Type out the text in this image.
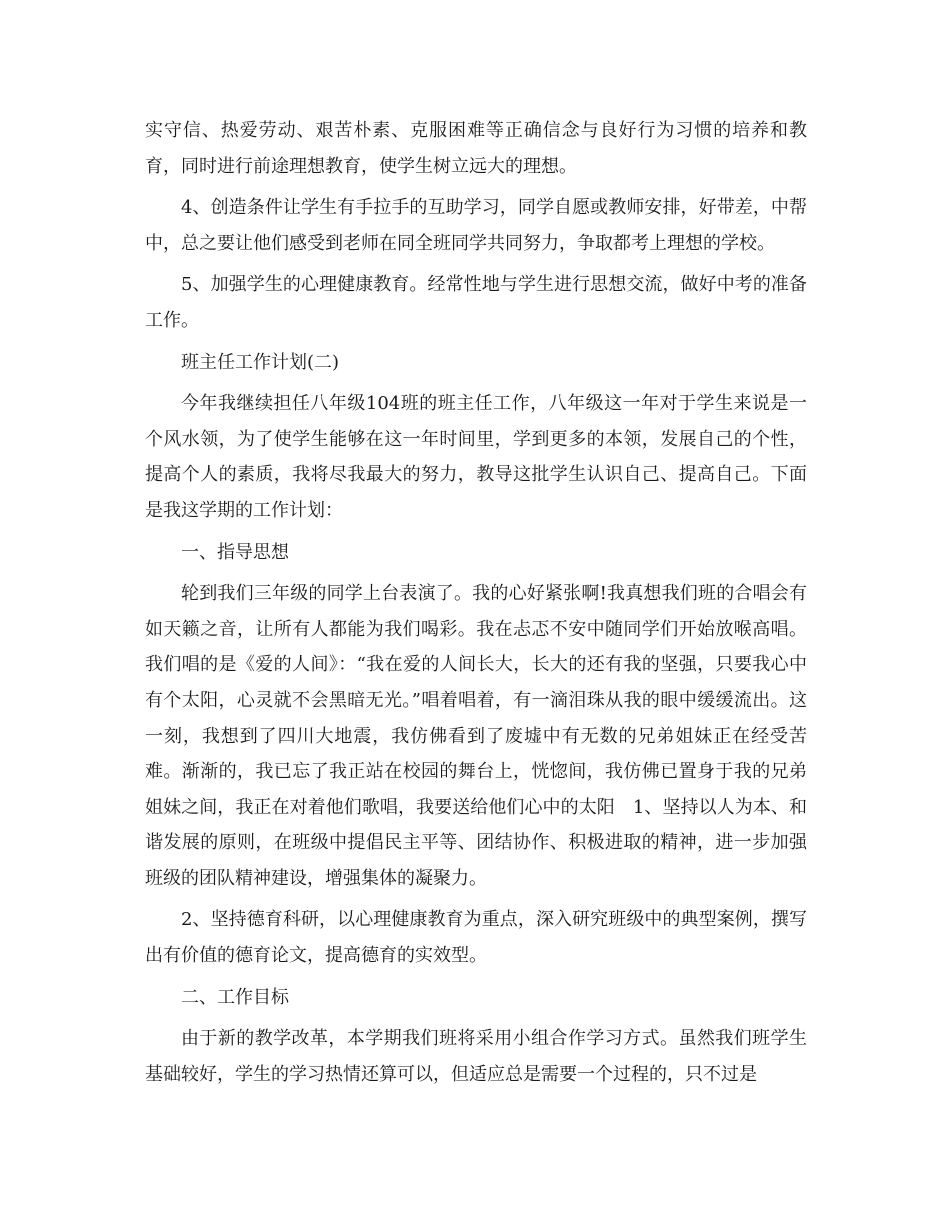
实守信、热爱劳动、艰苦朴素、克服困难等正确信念与良好行为习惯的培养和教育，同时进行前途理想教育，使学生树立远大的理想。

4、创造条件让学生有手拉手的互助学习，同学自愿或教师安排，好带差，中帮中，总之要让他们感受到老师在同全班同学共同努力，争取都考上理想的学校。

5、加强学生的心理健康教育。经常性地与学生进行思想交流，做好中考的准备工作。

班主任工作计划(二)

今年我继续担任八年级104班的班主任工作，八年级这一年对于学生来说是一个风水领，为了使学生能够在这一年时间里，学到更多的本领，发展自己的个性，提高个人的素质，我将尽我最大的努力，教导这批学生认识自己、提高自己。下面是我这学期的工作计划：

一、指导思想

轮到我们三年级的同学上台表演了。我的心好紧张啊!我真想我们班的合唱会有如天籁之音，让所有人都能为我们喝彩。我在忐忑不安中随同学们开始放喉高唱。我们唱的是《爱的人间》：“我在爱的人间长大，长大的还有我的坚强，只要我心中有个太阳，心灵就不会黑暗无光。”唱着唱着，有一滴泪珠从我的眼中缓缓流出。这一刻，我想到了四川大地震，我仿佛看到了废墟中有无数的兄弟姐妹正在经受苦难。渐渐的，我已忘了我正站在校园的舞台上，恍惚间，我仿佛已置身于我的兄弟姐妹之间，我正在对着他们歌唱，我要送给他们心中的太阳　1、坚持以人为本、和谐发展的原则，在班级中提倡民主平等、团结协作、积极进取的精神，进一步加强班级的团队精神建设，增强集体的凝聚力。

2、坚持德育科研，以心理健康教育为重点，深入研究班级中的典型案例，撰写出有价值的德育论文，提高德育的实效型。

二、工作目标

由于新的教学改革，本学期我们班将采用小组合作学习方式。虽然我们班学生基础较好，学生的学习热情还算可以，但适应总是需要一个过程的，只不过是
